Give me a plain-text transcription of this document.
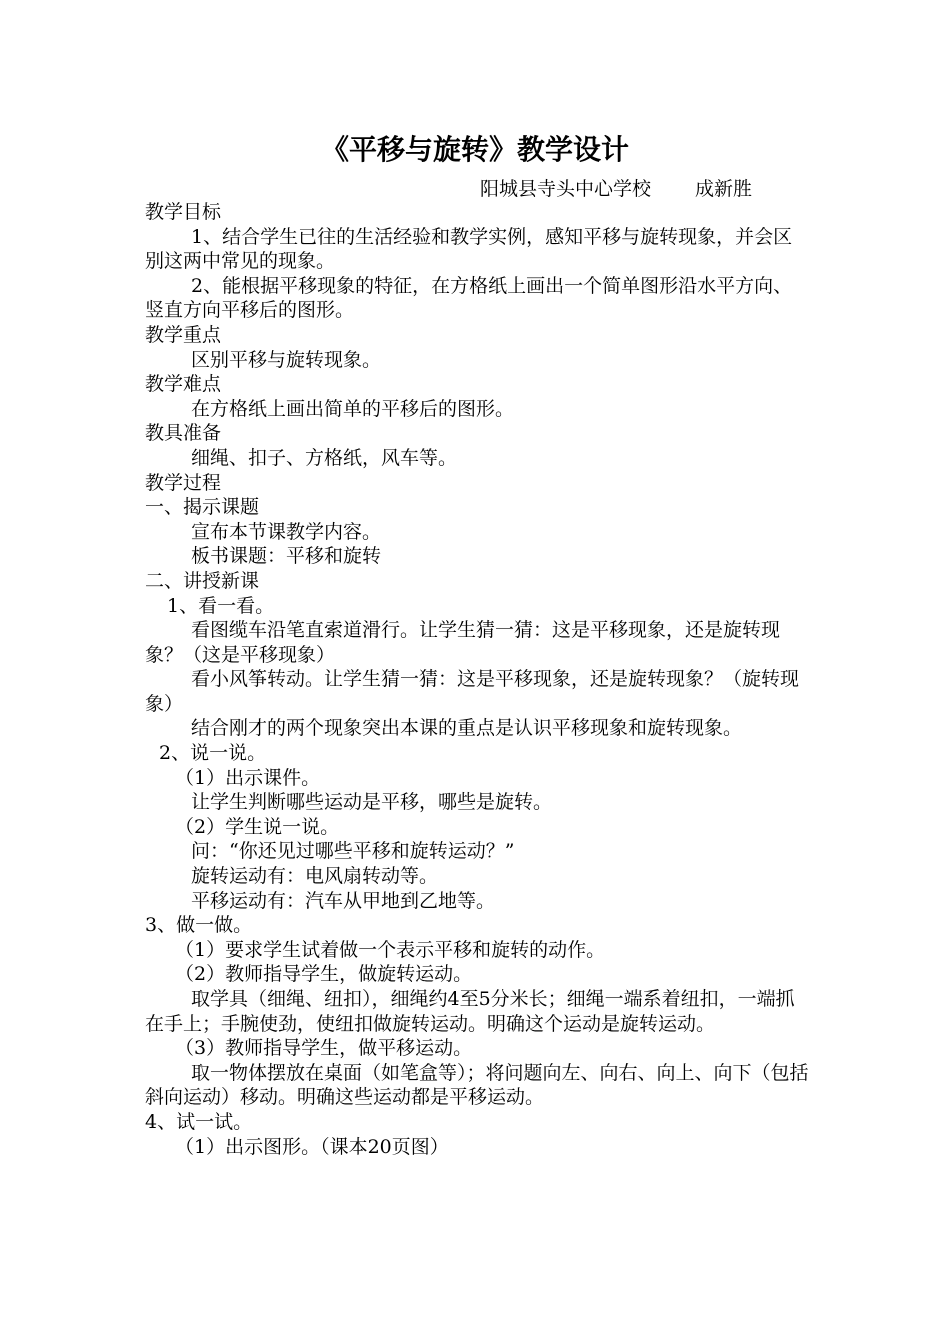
《平移与旋转》教学设计
阳城县寺头中心学校 成新胜

教学目标

1、结合学生已往的生活经验和教学实例，感知平移与旋转现象，并会区别这两中常见的现象。

2、能根据平移现象的特征，在方格纸上画出一个简单图形沿水平方向、竖直方向平移后的图形。

教学重点

区别平移与旋转现象。

教学难点

在方格纸上画出简单的平移后的图形。

教具准备

细绳、扣子、方格纸，风车等。

教学过程

一、揭示课题

宣布本节课教学内容。

板书课题：平移和旋转

二、讲授新课

1、看一看。

看图缆车沿笔直索道滑行。让学生猜一猜：这是平移现象，还是旋转现象？（这是平移现象）

看小风筝转动。让学生猜一猜：这是平移现象，还是旋转现象？（旋转现象）

结合刚才的两个现象突出本课的重点是认识平移现象和旋转现象。

2、说一说。

（1）出示课件。

让学生判断哪些运动是平移，哪些是旋转。

（2）学生说一说。

问：“你还见过哪些平移和旋转运动？”

旋转运动有：电风扇转动等。

平移运动有：汽车从甲地到乙地等。

3、做一做。

（1）要求学生试着做一个表示平移和旋转的动作。

（2）教师指导学生，做旋转运动。

取学具（细绳、纽扣），细绳约4至5分米长；细绳一端系着纽扣，一端抓在手上；手腕使劲，使纽扣做旋转运动。明确这个运动是旋转运动。

（3）教师指导学生，做平移运动。

取一物体摆放在桌面（如笔盒等）；将问题向左、向右、向上、向下（包括斜向运动）移动。明确这些运动都是平移运动。

4、试一试。

（1）出示图形。（课本20页图）
